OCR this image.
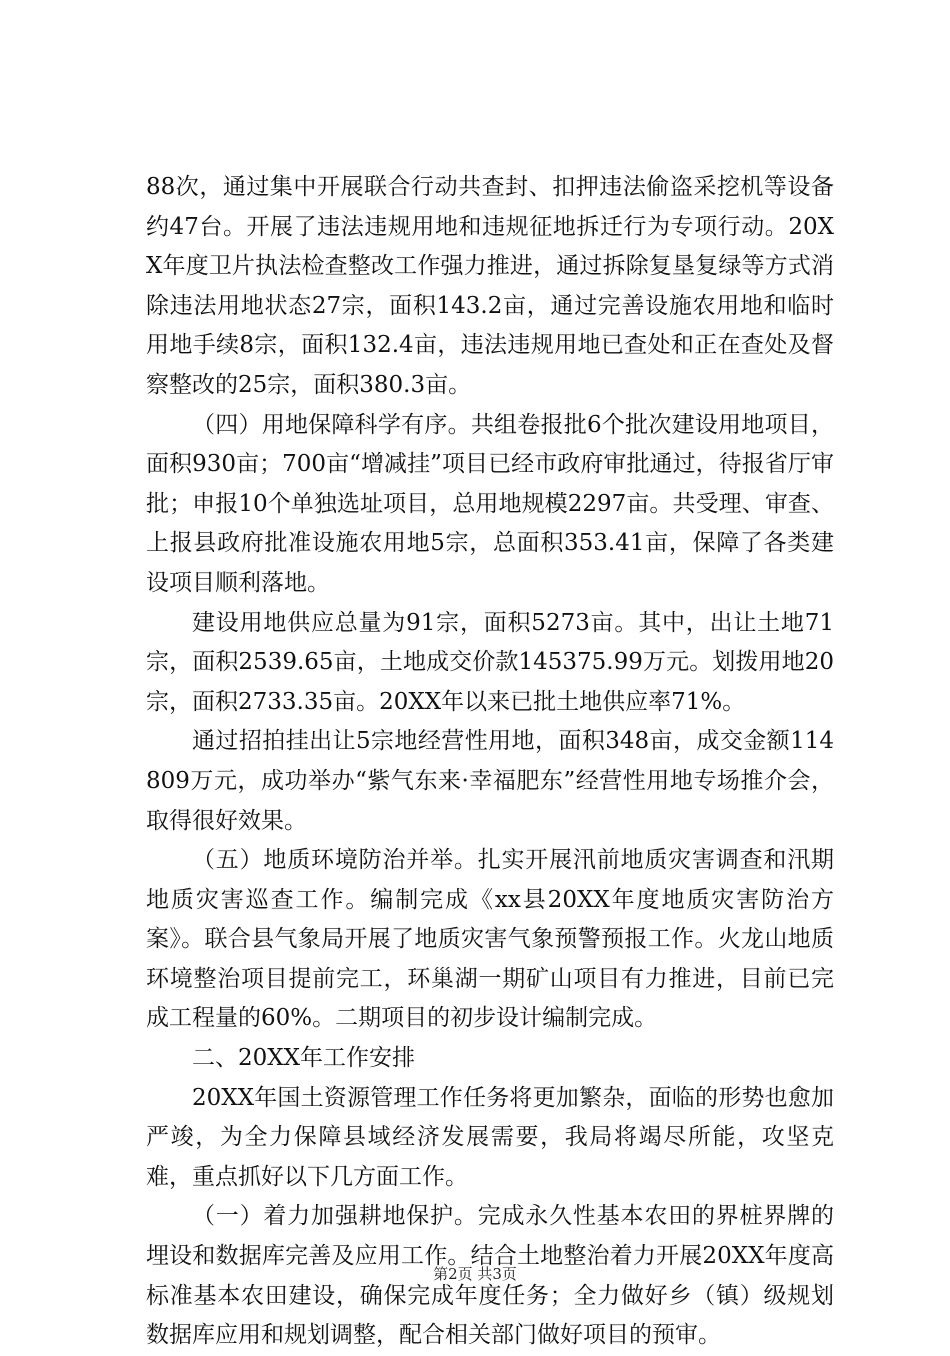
88次，通过集中开展联合行动共查封、扣押违法偷盗采挖机等设备约47台。开展了违法违规用地和违规征地拆迁行为专项行动。20XX年度卫片执法检查整改工作强力推进，通过拆除复垦复绿等方式消除违法用地状态27宗，面积143.2亩，通过完善设施农用地和临时用地手续8宗，面积132.4亩，违法违规用地已查处和正在查处及督察整改的25宗，面积380.3亩。

（四）用地保障科学有序。共组卷报批6个批次建设用地项目，面积930亩；700亩“增减挂”项目已经市政府审批通过，待报省厅审批；申报10个单独选址项目，总用地规模2297亩。共受理、审查、上报县政府批准设施农用地5宗，总面积353.41亩，保障了各类建设项目顺利落地。

建设用地供应总量为91宗，面积5273亩。其中，出让土地71宗，面积2539.65亩，土地成交价款145375.99万元。划拨用地20宗，面积2733.35亩。20XX年以来已批土地供应率71%。

通过招拍挂出让5宗地经营性用地，面积348亩，成交金额114809万元，成功举办“紫气东来·幸福肥东”经营性用地专场推介会，取得很好效果。

（五）地质环境防治并举。扎实开展汛前地质灾害调查和汛期地质灾害巡查工作。编制完成《xx县20XX年度地质灾害防治方案》。联合县气象局开展了地质灾害气象预警预报工作。火龙山地质环境整治项目提前完工，环巢湖一期矿山项目有力推进，目前已完成工程量的60%。二期项目的初步设计编制完成。

二、20XX年工作安排

20XX年国土资源管理工作任务将更加繁杂，面临的形势也愈加严竣，为全力保障县域经济发展需要，我局将竭尽所能，攻坚克难，重点抓好以下几方面工作。

（一）着力加强耕地保护。完成永久性基本农田的界桩界牌的埋设和数据库完善及应用工作。结合土地整治着力开展20XX年度高标准基本农田建设，确保完成年度任务；全力做好乡（镇）级规划数据库应用和规划调整，配合相关部门做好项目的预审。

第2页 共3页
